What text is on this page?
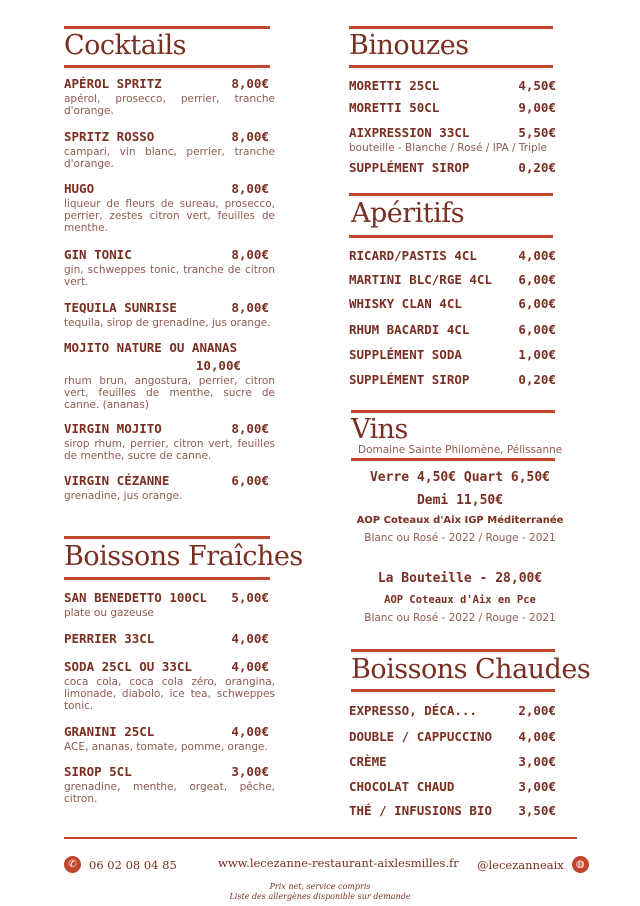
Cocktails
APÉROL SPRITZ	8,00€
apérol, prosecco, perrier, tranche d'orange.
SPRITZ ROSSO	8,00€
campari, vin blanc, perrier, tranche d'orange.
HUGO	8,00€
liqueur de fleurs de sureau, prosecco, perrier, zestes citron vert, feuilles de menthe.
GIN TONIC	8,00€
gin, schweppes tonic, tranche de citron vert.
TEQUILA SUNRISE	8,00€
tequila, sirop de grenadine, jus orange.
MOJITO NATURE OU ANANAS
10,00€
rhum brun, angostura, perrier, citron vert, feuilles de menthe, sucre de canne. (ananas)
VIRGIN MOJITO	8,00€
sirop rhum, perrier, citron vert, feuilles de menthe, sucre de canne.
VIRGIN CÉZANNE	6,00€
grenadine, jus orange.
Boissons Fraîches
SAN BENEDETTO 100CL 5,00€
plate ou gazeuse
PERRIER 33CL	4,00€
SODA 25CL OU 33CL	4,00€
coca cola, coca cola zéro, orangina, limonade, diabolo, ice tea, schweppes tonic.
GRANINI 25CL	4,00€
ACE, ananas, tomate, pomme, orange.
SIROP 5CL	3,00€
grenadine, menthe, orgeat, pêche, citron.
Binouzes
MORETTI 25CL	4,50€
MORETTI 50CL	9,00€
AIXPRESSION 33CL	5,50€
bouteille - Blanche / Rosé / IPA / Triple
SUPPLÉMENT SIROP	0,20€
Apéritifs
RICARD/PASTIS 4CL	4,00€
MARTINI BLC/RGE 4CL 6,00€
WHISKY CLAN 4CL	6,00€
RHUM BACARDI 4CL	6,00€
SUPPLÉMENT SODA	1,00€
SUPPLÉMENT SIROP	0,20€
Vins
Domaine Sainte Philomène, Pélissanne
Verre 4,50€ Quart 6,50€
Demi 11,50€
AOP Coteaux d'Aix IGP Méditerranée
Blanc ou Rosé - 2022 / Rouge - 2021
La Bouteille - 28,00€
AOP Coteaux d'Aix en Pce
Blanc ou Rosé - 2022 / Rouge - 2021
Boissons Chaudes
EXPRESSO, DÉCA...	2,00€
DOUBLE / CAPPUCCINO 4,00€
CRÈME	3,00€
CHOCOLAT CHAUD	3,00€
THÉ / INFUSIONS BIO 3,50€
✆	06 02 08 04 85	www.lecezanne-restaurant-aixlesmilles.fr @lecezanneaix	◍
Prix net, service compris
Liste des allergènes disponible sur demande
